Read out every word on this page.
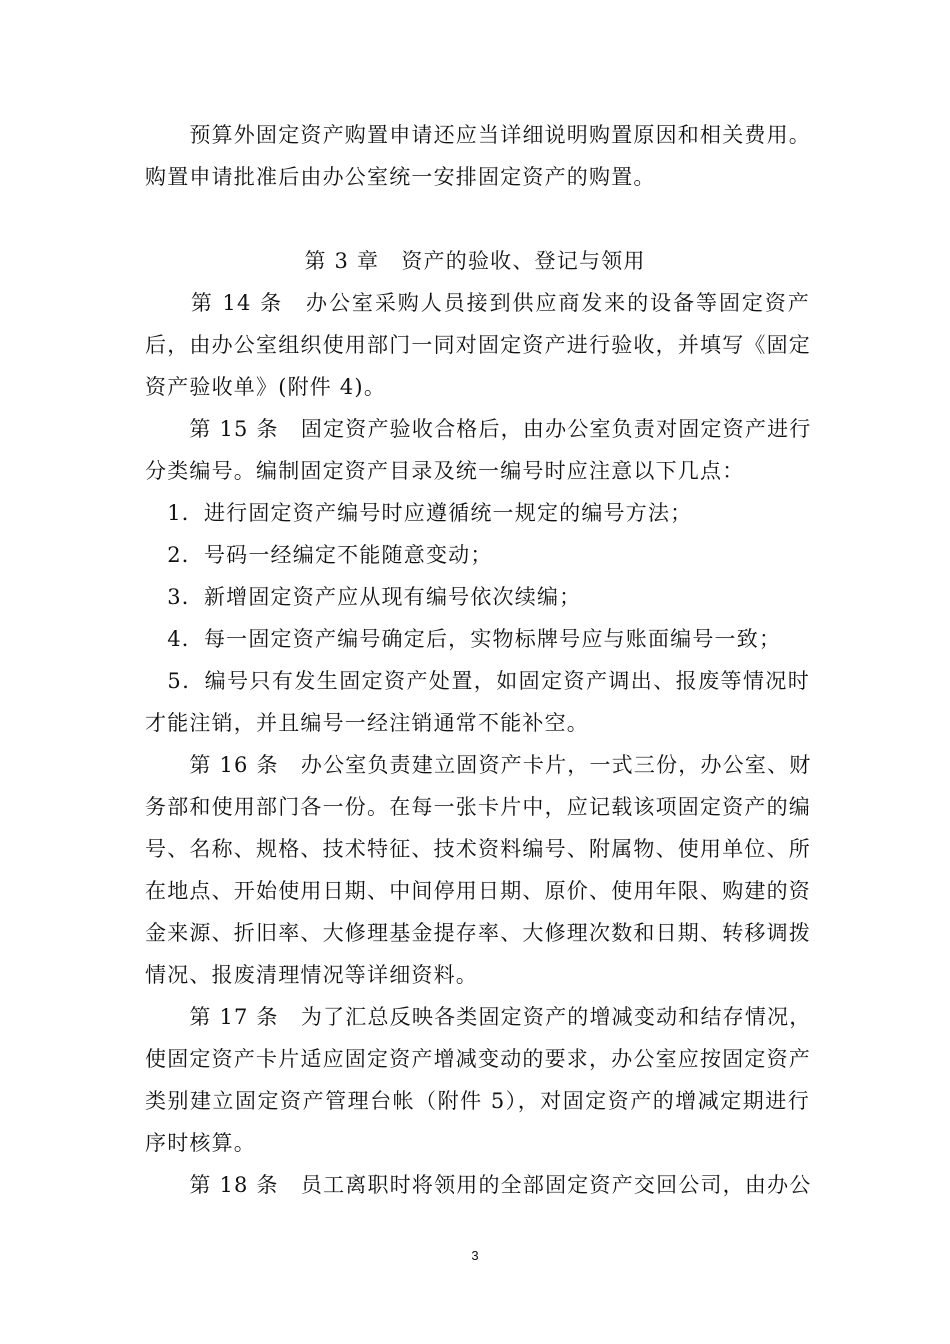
　　预算外固定资产购置申请还应当详细说明购置原因和相关费用。
购置申请批准后由办公室统一安排固定资产的购置。
第 3 章　资产的验收、登记与领用
　　第 14 条　办公室采购人员接到供应商发来的设备等固定资产
后，由办公室组织使用部门一同对固定资产进行验收，并填写《固定
资产验收单》(附件 4)。
　　第 15 条　固定资产验收合格后，由办公室负责对固定资产进行
分类编号。编制固定资产目录及统一编号时应注意以下几点：
　1．进行固定资产编号时应遵循统一规定的编号方法；
　2．号码一经编定不能随意变动；
　3．新增固定资产应从现有编号依次续编；
　4．每一固定资产编号确定后，实物标牌号应与账面编号一致；
　5．编号只有发生固定资产处置，如固定资产调出、报废等情况时
才能注销，并且编号一经注销通常不能补空。
　　第 16 条　办公室负责建立固资产卡片，一式三份，办公室、财
务部和使用部门各一份。在每一张卡片中，应记载该项固定资产的编
号、名称、规格、技术特征、技术资料编号、附属物、使用单位、所
在地点、开始使用日期、中间停用日期、原价、使用年限、购建的资
金来源、折旧率、大修理基金提存率、大修理次数和日期、转移调拨
情况、报废清理情况等详细资料。
　　第 17 条　为了汇总反映各类固定资产的增减变动和结存情况，
使固定资产卡片适应固定资产增减变动的要求，办公室应按固定资产
类别建立固定资产管理台帐（附件 5），对固定资产的增减定期进行
序时核算。
　　第 18 条　员工离职时将领用的全部固定资产交回公司，由办公
3
